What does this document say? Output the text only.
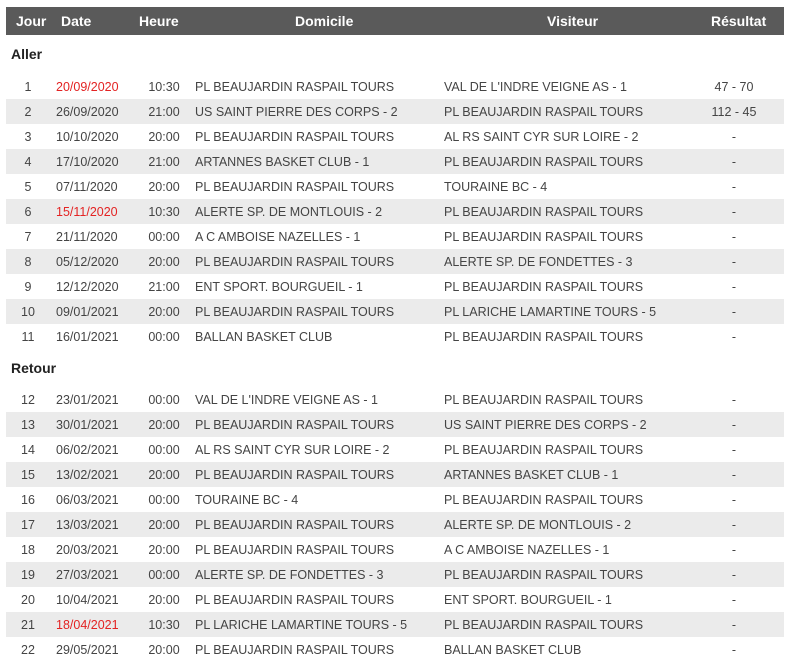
Jour Date	Heure	Domicile	Visiteur	Résultat
Aller
1	20/09/2020	10:30	PL BEAUJARDIN RASPAIL TOURS	VAL DE L'INDRE VEIGNE AS - 1	47 - 70
2	26/09/2020	21:00	US SAINT PIERRE DES CORPS - 2	PL BEAUJARDIN RASPAIL TOURS	112 - 45
3	10/10/2020	20:00	PL BEAUJARDIN RASPAIL TOURS	AL RS SAINT CYR SUR LOIRE - 2	-
4	17/10/2020	21:00	ARTANNES BASKET CLUB - 1	PL BEAUJARDIN RASPAIL TOURS	-
5	07/11/2020	20:00	PL BEAUJARDIN RASPAIL TOURS	TOURAINE BC - 4	-
6	15/11/2020	10:30	ALERTE SP. DE MONTLOUIS - 2	PL BEAUJARDIN RASPAIL TOURS	-
7	21/11/2020	00:00	A C AMBOISE NAZELLES - 1	PL BEAUJARDIN RASPAIL TOURS	-
8	05/12/2020	20:00	PL BEAUJARDIN RASPAIL TOURS	ALERTE SP. DE FONDETTES - 3	-
9	12/12/2020	21:00	ENT SPORT. BOURGUEIL - 1	PL BEAUJARDIN RASPAIL TOURS	-
10	09/01/2021	20:00	PL BEAUJARDIN RASPAIL TOURS	PL LARICHE LAMARTINE TOURS - 5	-
11	16/01/2021	00:00	BALLAN BASKET CLUB	PL BEAUJARDIN RASPAIL TOURS	-
Retour
12	23/01/2021	00:00	VAL DE L'INDRE VEIGNE AS - 1	PL BEAUJARDIN RASPAIL TOURS	-
13	30/01/2021	20:00	PL BEAUJARDIN RASPAIL TOURS	US SAINT PIERRE DES CORPS - 2	-
14	06/02/2021	00:00	AL RS SAINT CYR SUR LOIRE - 2	PL BEAUJARDIN RASPAIL TOURS	-
15	13/02/2021	20:00	PL BEAUJARDIN RASPAIL TOURS	ARTANNES BASKET CLUB - 1	-
16	06/03/2021	00:00	TOURAINE BC - 4	PL BEAUJARDIN RASPAIL TOURS	-
17	13/03/2021	20:00	PL BEAUJARDIN RASPAIL TOURS	ALERTE SP. DE MONTLOUIS - 2	-
18	20/03/2021	20:00	PL BEAUJARDIN RASPAIL TOURS	A C AMBOISE NAZELLES - 1	-
19	27/03/2021	00:00	ALERTE SP. DE FONDETTES - 3	PL BEAUJARDIN RASPAIL TOURS	-
20	10/04/2021	20:00	PL BEAUJARDIN RASPAIL TOURS	ENT SPORT. BOURGUEIL - 1	-
21	18/04/2021	10:30	PL LARICHE LAMARTINE TOURS - 5	PL BEAUJARDIN RASPAIL TOURS	-
22	29/05/2021	20:00	PL BEAUJARDIN RASPAIL TOURS	BALLAN BASKET CLUB	-
